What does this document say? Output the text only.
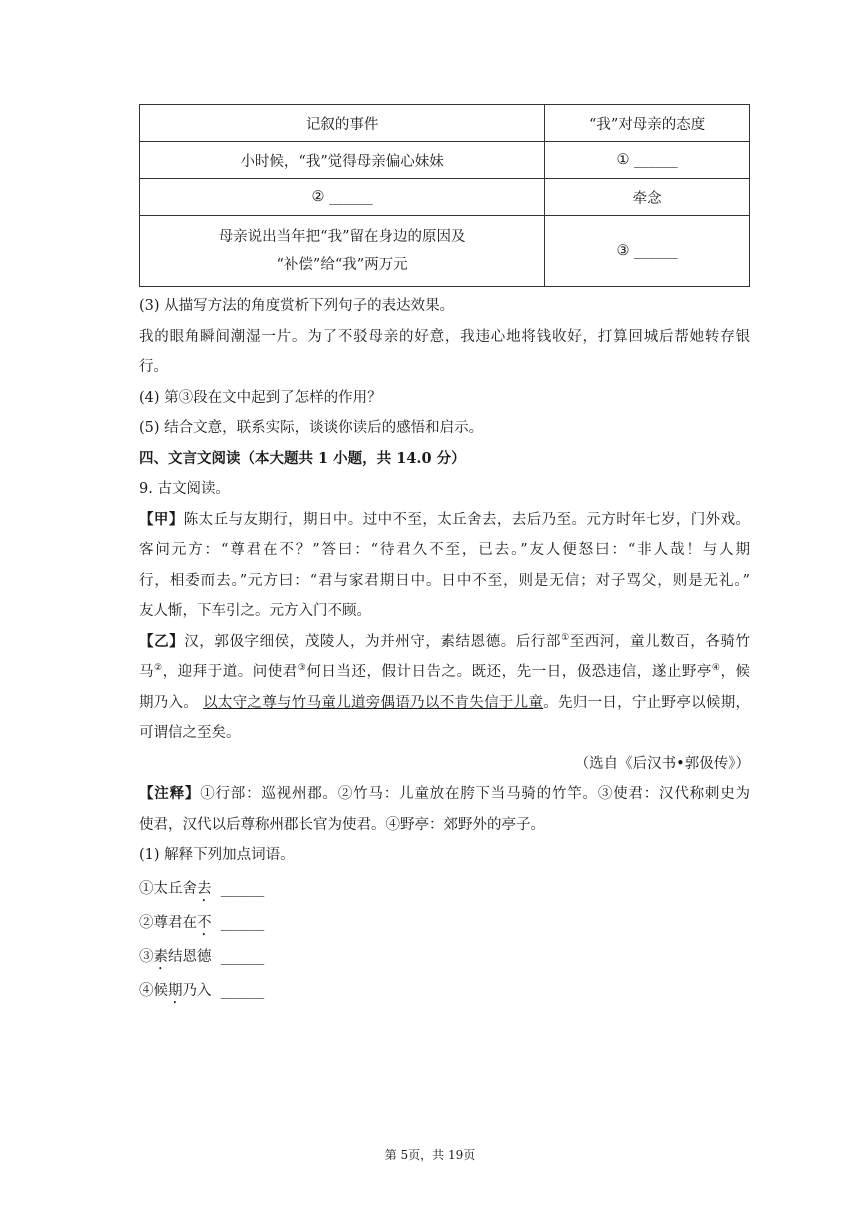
记叙的事件	“我”对母亲的态度
小时候，“我”觉得母亲偏心妹妹	① ______
② ______	牵念

母亲说出当年把“我”留在身边的原因及
“补偿”给“我”两万元	③ ______
(3) 从描写方法的角度赏析下列句子的表达效果。
我的眼角瞬间潮湿一片。为了不驳母亲的好意，我违心地将钱收好，打算回城后帮她转存银
行。
(4) 第③段在文中起到了怎样的作用？
(5) 结合文意，联系实际，谈谈你读后的感悟和启示。
四、文言文阅读（本大题共 1 小题，共 14.0 分）
9. 古文阅读。
【甲】陈太丘与友期行，期日中。过中不至，太丘舍去，去后乃至。元方时年七岁，门外戏。
客问元方：“尊君在不？”答曰：“待君久不至，已去。”友人便怒曰：“非人哉！与人期
行，相委而去。”元方曰：“君与家君期日中。日中不至，则是无信；对子骂父，则是无礼。”
友人惭，下车引之。元方入门不顾。
【乙】汉，郭伋字细侯，茂陵人，为并州守，素结恩德。后行部①至西河，童儿数百，各骑竹
马②，迎拜于道。问使君③何日当还，假计日告之。既还，先一日，伋恐违信，遂止野亭④，候
期乃入。 以太守之尊与竹马童儿道旁偶语乃以不肯失信于儿童。先归一日，宁止野亭以候期，
可谓信之至矣。
（选自《后汉书•郭伋传》）
【注释】①行部：巡视州郡。②竹马：儿童放在胯下当马骑的竹竿。③使君：汉代称刺史为
使君，汉代以后尊称州郡长官为使君。④野亭：郊野外的亭子。
(1) 解释下列加点词语。
①太丘舍去 ______
②尊君在不 ______
③素结恩德 ______
④候期乃入 ______
第 5页，共 19页
